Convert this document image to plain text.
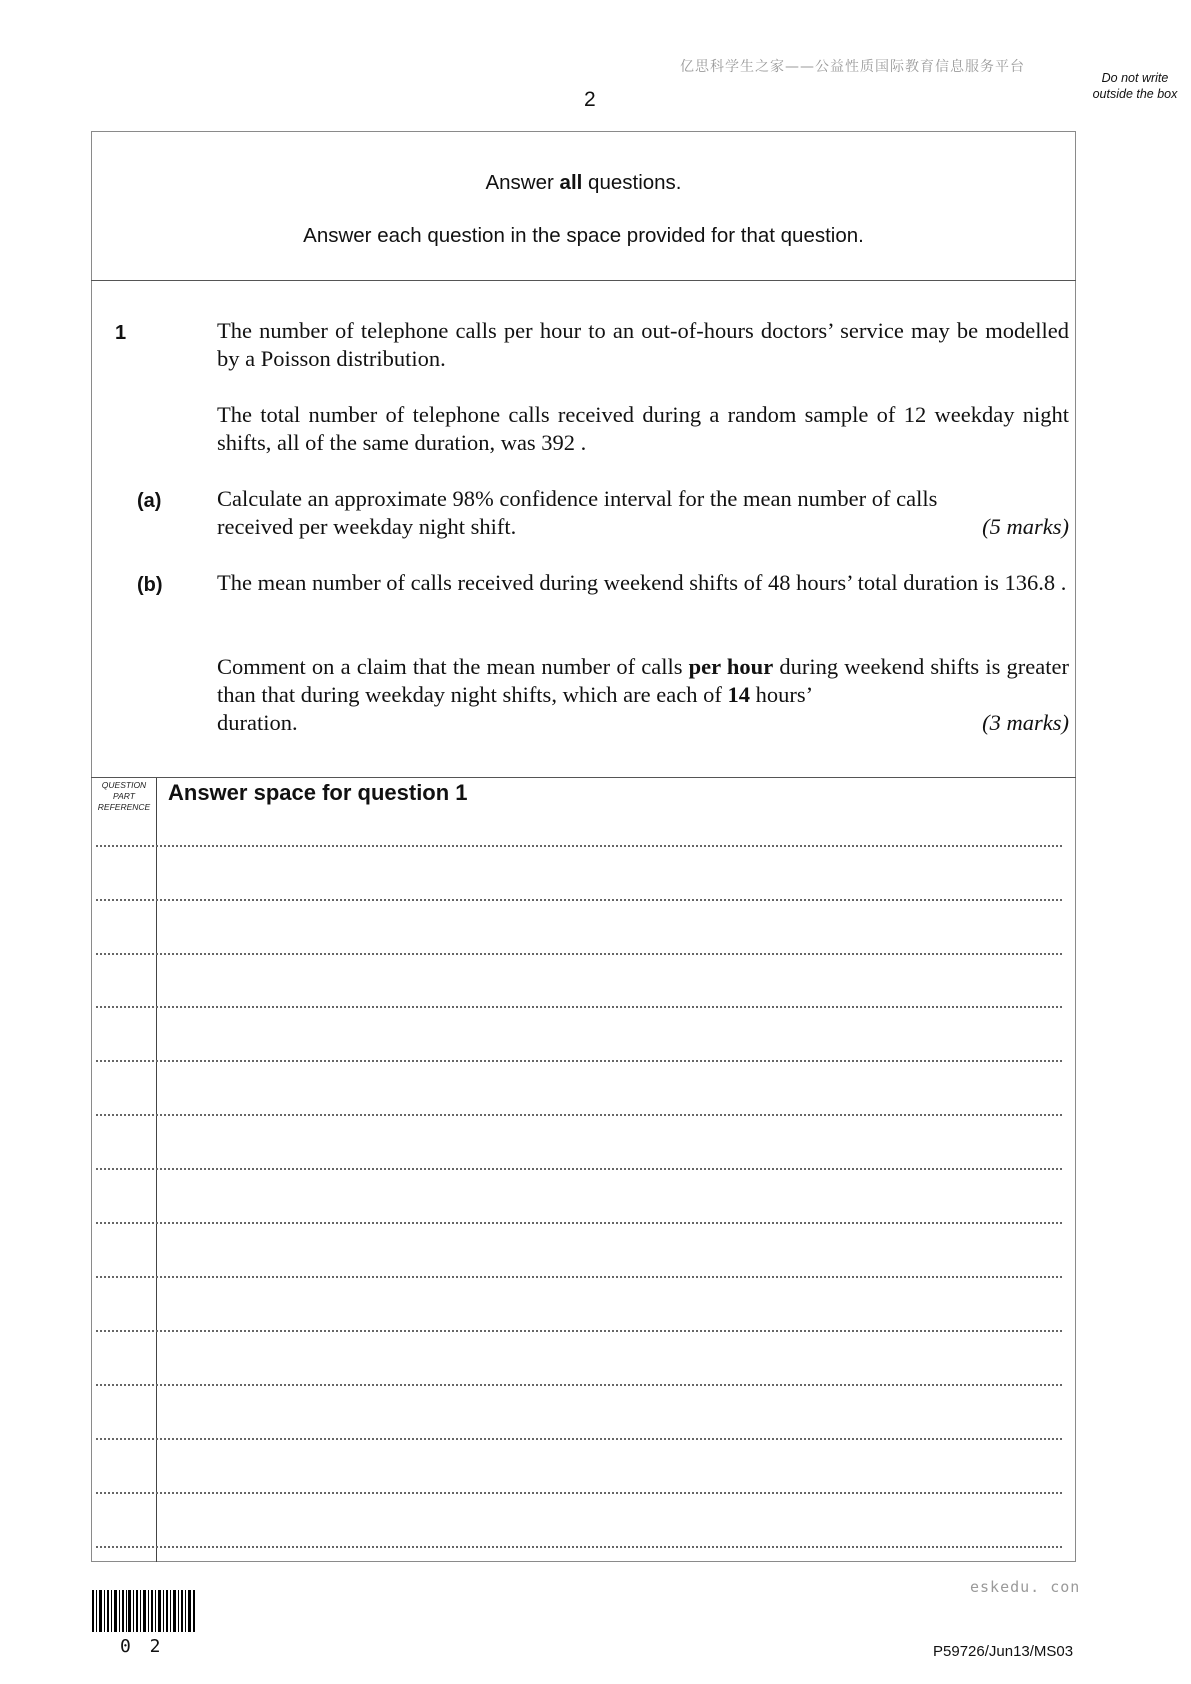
亿思科学生之家——公益性质国际教育信息服务平台
2
Do not write outside the box
Answer all questions.
Answer each question in the space provided for that question.
1	The number of telephone calls per hour to an out-of-hours doctors’ service may be modelled by a Poisson distribution.
The total number of telephone calls received during a random sample of 12 weekday night shifts, all of the same duration, was 392 .
(a) Calculate an approximate 98% confidence interval for the mean number of calls
received per weekday night shift.	(5 marks)
(b) The mean number of calls received during weekend shifts of 48 hours’ total duration is 136.8 .
Comment on a claim that the mean number of calls per hour during weekend shifts is greater than that during weekday night shifts, which are each of 14 hours’
duration.	(3 marks)
QUESTION PART REFERENCE
Answer space for question 1
eskedu. con
0 2	P59726/Jun13/MS03
